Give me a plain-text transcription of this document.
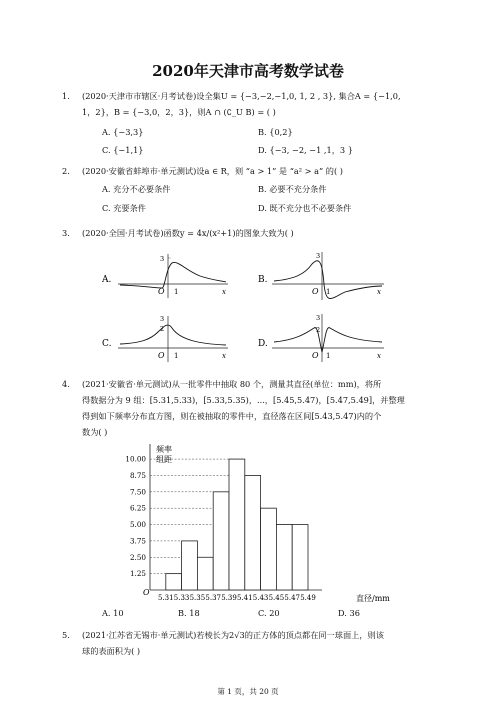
2020年天津市高考数学试卷
1. (2020·天津市市辖区·月考试卷)设全集U = {−3,−2,−1,0, 1, 2 , 3}, 集合A = {−1,0,
1，2}，B = {−3,0，2，3}，则A ∩ (∁_U B) = ( )
A. {−3,3}	B. {0,2}
C. {−1,1}	D. {−3, −2, −1 ,1，3 }
2. (2020·安徽省蚌埠市·单元测试)设a ∈ R，则 “a > 1” 是 “a² > a” 的( )
A. 充分不必要条件	B. 必要不充分条件
C. 充要条件	D. 既不充分也不必要条件
3. (2020·全国·月考试卷)函数y = 4x/(x²+1)的图象大致为( )
A.
3
O 1	x
B.
3
O 1	x
C.
3
2
O 1	x
D.
3
2
O 1	x
4. (2021·安徽省·单元测试)从一批零件中抽取 80 个，测量其直径(单位：mm)，将所
得数据分为 9 组：[5.31,5.33)，[5.33,5.35)，...，[5.45,5.47)，[5.47,5.49]，并整理
得到如下频率分布直方图，则在被抽取的零件中，直径落在区间[5.43,5.47)内的个
数为( )
频率
组距
直径/mm
O
1.25
2.50
3.75
5.00
6.25
7.50
8.75
10.00
5.31 5.33 5.35 5.37 5.39 5.41 5.43 5.45 5.47 5.49
A. 10	B. 18	C. 20	D. 36
5. (2021·江苏省无锡市·单元测试)若棱长为2√3的正方体的顶点都在同一球面上，则该
球的表面积为( )
第 1 页，共 20 页
